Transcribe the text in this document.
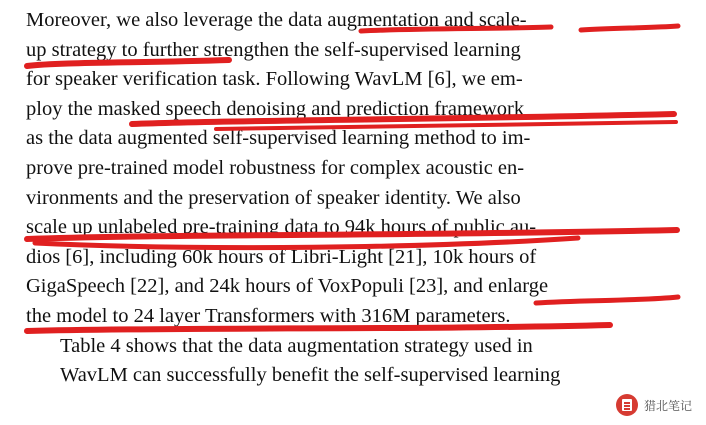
Moreover, we also leverage the data augmentation and scale-
up strategy to further strengthen the self-supervised learning
for speaker verification task. Following WavLM [6], we em-
ploy the masked speech denoising and prediction framework
as the data augmented self-supervised learning method to im-
prove pre-trained model robustness for complex acoustic en-
vironments and the preservation of speaker identity. We also
scale up unlabeled pre-training data to 94k hours of public au-
dios [6], including 60k hours of Libri-Light [21], 10k hours of
GigaSpeech [22], and 24k hours of VoxPopuli [23], and enlarge
the model to 24 layer Transformers with 316M parameters.

Table 4 shows that the data augmentation strategy used in
WavLM can successfully benefit the self-supervised learning

猎北笔记
